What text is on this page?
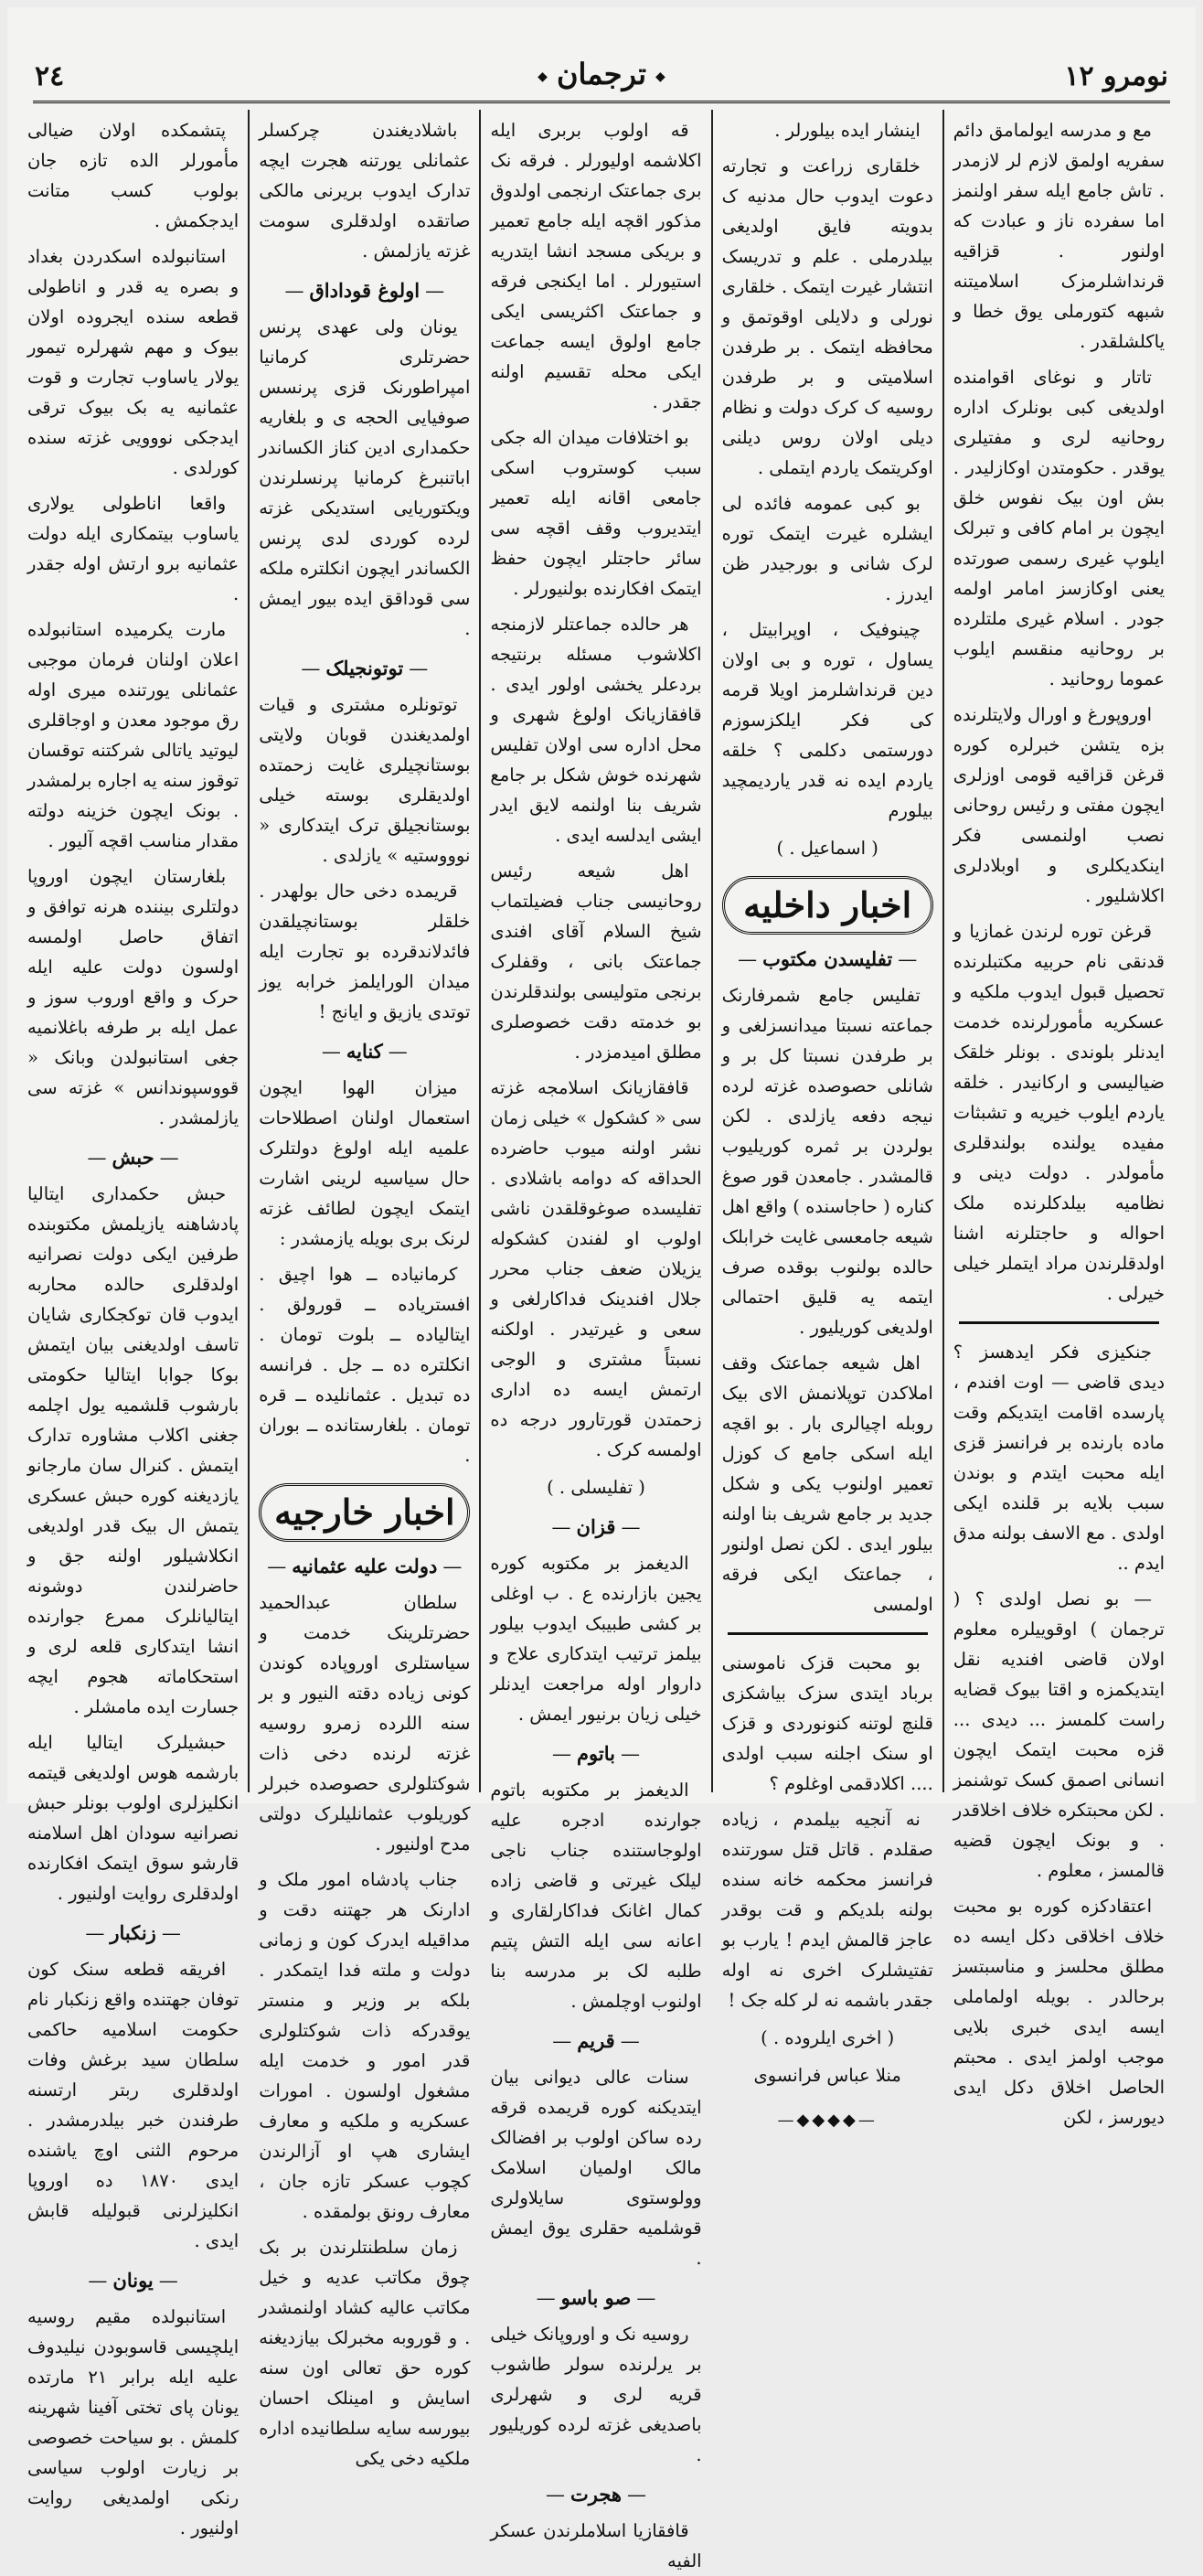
نومرو ١٢
◆ ترجمان ◆
٢٤

مع و مدرسه ایولمامق دائم سفریه اولمق لازم لر لازمدر . تاش جامع ایله سفر اولنمز اما سفرده ناز و عبادت که اولنور . قزاقیه قرنداشلرمزک اسلامیتنه شبهه کتورملی یوق خطا و یاکلشلقدر .

تاتار و نوغای اقوامنده اولدیغی کبی بونلرک اداره روحانیه لری و مفتیلری یوقدر . حکومتدن اوکازلیدر . بش اون بیک نفوس خلق ایچون بر امام کافی و تبرلک ایلوپ غیری رسمی صورتده یعنی اوکازسز امامر اولمه جودر . اسلام غیری ملتلرده بر روحانیه منقسم ایلوب عموما روحانید .

اوروپورغ و اورال ولایتلرنده بزه یتشن خبرلره کوره قرغن قزاقیه قومی اوزلری ایچون مفتی و رئیس روحانی نصب اولنمسی فکر اینکدیکلری و اوبلادلری اکلاشلیور .

قرغن توره لرندن غمازیا و قدنقی نام حربیه مکتبلرنده تحصیل قبول ایدوب ملکیه و عسکریه مأمورلرنده خدمت ایدنلر بلوندی . بونلر خلقک ضیالیسی و ارکانیدر . خلقه یاردم ایلوب خیریه و تشبثات مفیده یولنده بولندقلری مأمولدر . دولت دینی و نظامیه بیلدکلرنده ملک احواله و حاجتلرنه اشنا اولدقلرندن مراد ایتملر خیلی خیرلی .

جنکیزی فکر ایدهسز ؟ دیدی قاضی — اوت افندم ، پارسده اقامت ایتدیکم وقت ماده بارنده بر فرانسز قزی ایله محبت ایتدم و بوندن سبب بلایه بر قلنده ایکی اولدی . مع الاسف بولنه مدق ایدم ..

— بو نصل اولدی ؟ ( ترجمان ) اوقوییلره معلوم اولان قاضی افندیه نقل ایتدیکمزه و اقتا بیوک قضایه راست کلمسز ... دیدی ... قزه محبت ایتمک ایچون انسانی اصمق کسک توشنمز . لکن محبتکره خلاف اخلاقدر . و بونک ایچون قضیه قالمسز ، معلوم .

اعتقادکزه کوره بو محبت خلاف اخلاقی دکل ایسه ده مطلق محلسز و مناسبتسز برحالدر . بویله اولماملی ایسه ایدی خبری بلایی موجب اولمز ایدی . محبتم الحاصل اخلاق دکل ایدی دیورسز ، لکن

اینشار ایده بیلورلر .

خلقاری زراعت و تجارته دعوت ایدوب حال مدنیه ک بدویته فایق اولدیغی بیلدرملی . علم و تدریسک انتشار غیرت ایتمک . خلقاری نورلی و دلایلی اوقوتمق و محافظه ایتمک . بر طرفدن اسلامیتی و بر طرفدن روسیه ک کرک دولت و نظام دیلی اولان روس دیلنی اوکریتمک یاردم ایتملی .

بو کبی عمومه فائده لی ایشلره غیرت ایتمک توره لرک شانی و بورجیدر ظن ایدرز .

چینوفیک ، اوپرابیتل ، یساول ، توره و بی اولان دین قرنداشلرمز اویلا قرمه کی فکر ایلکزسوزم دورستمی دکلمی ؟ خلقه یاردم ایده نه قدر یاردیمچید بیلورم

( اسماعیل . )
اخبار داخلیه
— تفلیسدن مکتوب —

تفلیس جامع شمرفارنک جماعته نسبتا میدانسزلغی و بر طرفدن نسبتا کل بر و شانلی حصوصده غزته لرده نیجه دفعه یازلدی . لکن بولردن بر ثمره کوریلیوب قالمشدر . جامعدن قور صوغ کناره ( حاجاسنده ) واقع اهل شیعه جامعسی غایت خرابلک حالده بولنوب بوقده صرف ایتمه یه قلیق احتمالی اولدیغی کوریلیور .

اهل شیعه جماعتک وقف املاکدن توپلانمش الای بیک روبله اچیالری بار . بو اقچه ایله اسکی جامع ک کوزل تعمیر اولنوب یکی و شکل جدید بر جامع شریف بنا اولنه بیلور ایدی . لکن نصل اولنور ، جماعتک ایکی فرقه اولمسی

بو محبت قزک ناموسنی برباد ایتدی سزک بیاشکزی قلنچ لوتنه کنونوردی و قزک او سنک اجلنه سبب اولدی .... اکلادقمی اوغلوم ؟

نه آنجیه بیلمدم ، زیاده صقلدم . قاتل قتل سورتنده فرانسز محکمه خانه سنده بولنه بلدیکم و قت بوقدر عاجز قالمش ایدم ! یارب بو تفتیشلرک اخری نه اوله جقدر باشمه نه لر کله جک !

( اخری ایلروده . )
منلا عباس فرانسوی
—◆◆◆◆—

قه اولوب بربری ایله اکلاشمه اولیورلر . فرقه نک بری جماعتک ارنجمی اولدوق مذکور اقچه ایله جامع تعمیر و بریکی مسجد انشا ایتدریه استیورلر . اما ایکنجی فرقه و جماعتک اکثریسی ایکی جامع اولوق ایسه جماعت ایکی محله تقسیم اولنه جقدر .

بو اختلافات میدان اله جکی سبب کوستروب اسکی جامعی اقانه ایله تعمیر ایتدیروب وقف اقچه سی سائر حاجتلر ایچون حفظ ایتمک افکارنده بولنیورلر .

هر حالده جماعتلر لازمنجه اکلاشوب مسئله برنتیجه بردعلر یخشی اولور ایدی . قافقازیانک اولوغ شهری و محل اداره سی اولان تفلیس شهرنده خوش شکل بر جامع شریف بنا اولنمه لایق ایدر ایشی ایدلسه ایدی .

اهل شیعه رئیس روحانیسی جناب فضیلتماب شیخ السلام آقای افندی جماعتک بانی ، وقفلرک برنجی متولیسی بولندقلرندن بو خدمته دقت خصوصلری مطلق امیدمزدر .

قافقازیانک اسلامجه غزته سی « کشکول » خیلی زمان نشر اولنه میوب حاضرده الحداقه که دوامه باشلادی . تفلیسده صوغوقلقدن ناشی اولوب او لفندن کشکوله یزیلان ضعف جناب محرر جلال افندینک فداکارلغی و سعی و غیرتیدر . اولکنه نسبتاً مشتری و الوجی ارتمش ایسه ده اداری زحمتدن قورتارور درجه ده اولمسه کرک .

( تفلیسلی . )
— قزان —

الدیغمز بر مکتوبه کوره یجین بازارنده ع . ب اوغلی بر کشی طبیبک ایدوب بیلور بیلمز ترتیب ایتدکاری علاج و داروار اوله مراجعت ایدنلر خیلی زیان برنیور ایمش .

— باتوم —

الدیغمز بر مکتوبه باتوم جوارنده ادجره علیه اولوجاستنده جناب ناجی لیلک غیرتی و قاضی زاده کمال اغانک فداکارلقاری و اعانه سی ایله التش پتیم طلبه لک بر مدرسه بنا اولنوب اوچلمش .

— قریم —

سنات عالی دیوانی بیان ایتدیکنه کوره قریمده قرقه رده ساکن اولوب بر افضالک مالک اولمیان اسلامک وولوستوی سایلاولری قوشلمیه حقلری یوق ایمش .

— صو باسو —

روسیه نک و اوروپانک خیلی بر یرلرنده سولر طاشوب قریه لری و شهرلری باصدیغی غزته لرده کوریلیور .

— هجرت —

قافقازیا اسلاملرندن عسکر الفیه

باشلادیغندن چرکسلر عثمانلی یورتنه هجرت ایچه تدارک ایدوب بریرنی مالکی صاتقده اولدقلری سومت غزته یازلمش .

— اولوغ قوداداق —

یونان ولی عهدی پرنس حضرتلری کرمانیا امپراطورنک قزی پرنسس صوفیایی الحجه ی و بلغاریه حکمداری ادین کناز الکساندر اباتنبرغ کرمانیا پرنسلرندن ویکتوریایی استدیکی غزته لرده کوردی لدی پرنس الکساندر ایچون انکلتره ملکه سی قوداقق ایده بیور ایمش .

— توتونجیلک —

توتونلره مشتری و قیات اولمدیغندن قوبان ولایتی بوستانچیلری غایت زحمتده اولدیقلری بوسته خیلی بوستانجیلق ترک ایتدکاری « نوووستیه » یازلدی .

قریمده دخی حال بولهدر . خلقلر بوستانچیلقدن فائدلاندقرده بو تجارت ایله میدان الورایلمز خرابه یوز توتدی یازیق و ایانج !

— کنایه —

میزان الهوا ایچون استعمال اولنان اصطلاحات علمیه ایله اولوغ دولتلرک حال سیاسیه لرینی اشارت ایتمک ایچون لطائف غزته لرنک بری بویله یازمشدر :

کرمانیاده ــ هوا اچیق . افستریاده ــ قورولق . ایتالیاده ــ بلوت تومان . انکلتره ده ــ جل . فرانسه ده تبدیل . عثمانلیده ــ قره تومان . بلغارستانده ــ بوران .

اخبار خارجیه
— دولت علیه عثمانیه —

سلطان عبدالحمید حضرتلرینک خدمت و سیاستلری اوروپاده کوندن کونی زیاده دقته النیور و بر سنه اللرده زمرو روسیه غزته لرنده دخی ذات شوکتلولری حصوصده خبرلر کوریلوب عثمانلیلرک دولتی مدح اولنیور .

جناب پادشاه امور ملک و ادارنک هر جهتنه دقت و مداقیله ایدرک کون و زمانی دولت و ملته فدا ایتمکدر . بلکه بر وزیر و منستر یوقدرکه ذات شوکتلولری قدر امور و خدمت ایله مشغول اولسون . امورات عسکریه و ملکیه و معارف ایشاری هپ او آزالرندن کچوب عسکر تازه جان ، معارف رونق بولمقده .

زمان سلطنتلرندن بر بک چوق مکاتب عدیه و خیل مکاتب عالیه کشاد اولنمشدر . و قوروبه مخبرلک بیازدیغنه کوره حق تعالی اون سنه اسایش و امینلک احسان بیورسه سایه سلطانیده اداره ملکیه دخی یکی

پتشمکده اولان ضیالی مأمورلر الده تازه جان بولوب کسب متانت ایدجکمش .

استانبولده اسکدردن بغداد و بصره یه قدر و اناطولی قطعه سنده ایجروده اولان بیوک و مهم شهرلره تیمور یولار یاساوب تجارت و قوت عثمانیه یه بک بیوک ترقی ایدجکی نووویی غزته سنده کورلدی .

واقعا اناطولی یولاری یاساوب بیتمکاری ایله دولت عثمانیه برو ارتش اوله جقدر .

مارت یکرمیده استانبولده اعلان اولنان فرمان موجبی عثمانلی یورتنده میری اوله رق موجود معدن و اوجاقلری لیوتید یاتالی شرکتنه توقسان توقوز سنه یه اجاره برلمشدر . بونک ایچون خزینه دولته مقدار مناسب اقچه آلیور .

بلغارستان ایچون اوروپا دولتلری بیننده هرنه توافق و اتفاق حاصل اولمسه اولسون دولت علیه ایله حرک و واقع اوروب سوز و عمل ایله بر طرفه باغلانمیه جغی استانبولدن وبانک « قووسپوندانس » غزته سی یازلمشدر .

— حبش —

حبش حکمداری ایتالیا پادشاهنه یازیلمش مکتوبنده طرفین ایکی دولت نصرانیه اولدقلری حالده محاربه ایدوب قان توکجکاری شایان تاسف اولدیغنی بیان ایتمش بوکا جوابا ایتالیا حکومتی بارشوب قلشمیه یول اچلمه جغنی اکلاب مشاوره تدارک ایتمش . کنرال سان مارجانو یازدیغنه کوره حبش عسکری یتمش ال بیک قدر اولدیغی انکلاشیلور اولنه جق و حاضرلندن دوشونه ایتالیانلرک ممرع جوارنده انشا ایتدکاری قلعه لری و استحکاماته هجوم ایچه جسارت ایده مامشلر .

حبشیلرک ایتالیا ایله بارشمه هوس اولدیغی قیتمه انکلیزلری اولوب بونلر حبش نصرانیه سودان اهل اسلامنه قارشو سوق ایتمک افکارنده اولدقلری روایت اولنیور .

— زنکبار —

افریقه قطعه سنک کون توفان جهتنده واقع زنکبار نام حکومت اسلامیه حاکمی سلطان سید برغش وفات اولدقلری ربتر ارتسنه طرفندن خبر بیلدرمشدر . مرحوم الثنی اوچ یاشنده ایدی ۱۸۷۰ ده اوروپا انکلیزلرنی قبولیله قابش ایدی .

— یونان —

استانبولده مقیم روسیه ایلچیسی قاسوبودن نیلیدوف علیه ایله برابر ۲۱ مارتده یونان پای تختی آفینا شهرینه کلمش . بو سیاحت خصوصی بر زیارت اولوب سیاسی رنکی اولمدیغی روایت اولنیور .
